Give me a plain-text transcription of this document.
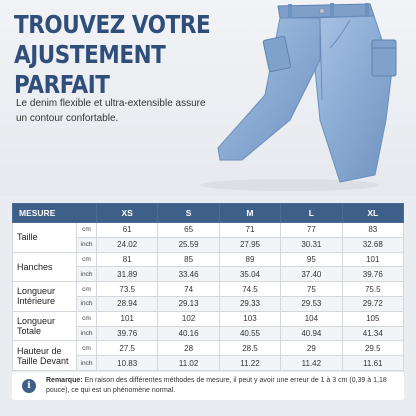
TROUVEZ VOTRE
AJUSTEMENT PARFAIT
Le denim flexible et ultra-extensible assure un contour confortable.
MESURE		XS	S	M	L	XL
Taille	cm	61	65	71	77	83
	inch	24.02	25.59	27.95	30.31	32.68
Hanches	cm	81	85	89	95	101
	inch	31.89	33.46	35.04	37.40	39.76
Longueur Intérieure	cm	73.5	74	74.5	75	75.5
	inch	28.94	29.13	29.33	29.53	29.72
Longueur Totale	cm	101	102	103	104	105
	inch	39.76	40.16	40.55	40.94	41.34
Hauteur de Taille Devant	cm	27.5	28	28.5	29	29.5
	inch	10.83	11.02	11.22	11.42	11.61
i
Remarque: En raison des différentes méthodes de mesure, il peut y avoir une erreur de 1 à 3 cm (0,39 à 1,18 pouce), ce qui est un phénomène normal.
